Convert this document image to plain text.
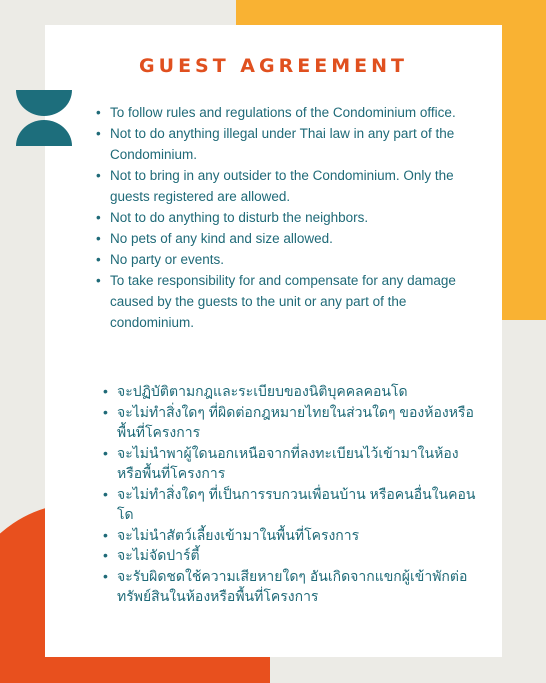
GUEST AGREEMENT
• To follow rules and regulations of the Condominium office.
• Not to do anything illegal under Thai law in any part of the Condominium.
• Not to bring in any outsider to the Condominium. Only the guests registered are allowed.
• Not to do anything to disturb the neighbors.
• No pets of any kind and size allowed.
• No party or events.
• To take responsibility for and compensate for any damage caused by the guests to the unit or any part of the condominium.
• จะปฏิบัติตามกฎและระเบียบของนิติบุคคลคอนโด
• จะไม่ทำสิ่งใดๆ ที่ผิดต่อกฎหมายไทยในส่วนใดๆ ของห้องหรือพื้นที่โครงการ
• จะไม่นำพาผู้ใดนอกเหนือจากที่ลงทะเบียนไว้เข้ามาในห้องหรือพื้นที่โครงการ
• จะไม่ทำสิ่งใดๆ ที่เป็นการรบกวนเพื่อนบ้าน หรือคนอื่นในคอนโด
• จะไม่นำสัตว์เลี้ยงเข้ามาในพื้นที่โครงการ
• จะไม่จัดปาร์ตี้
• จะรับผิดชดใช้ความเสียหายใดๆ อันเกิดจากแขกผู้เข้าพักต่อทรัพย์สินในห้องหรือพื้นที่โครงการ
